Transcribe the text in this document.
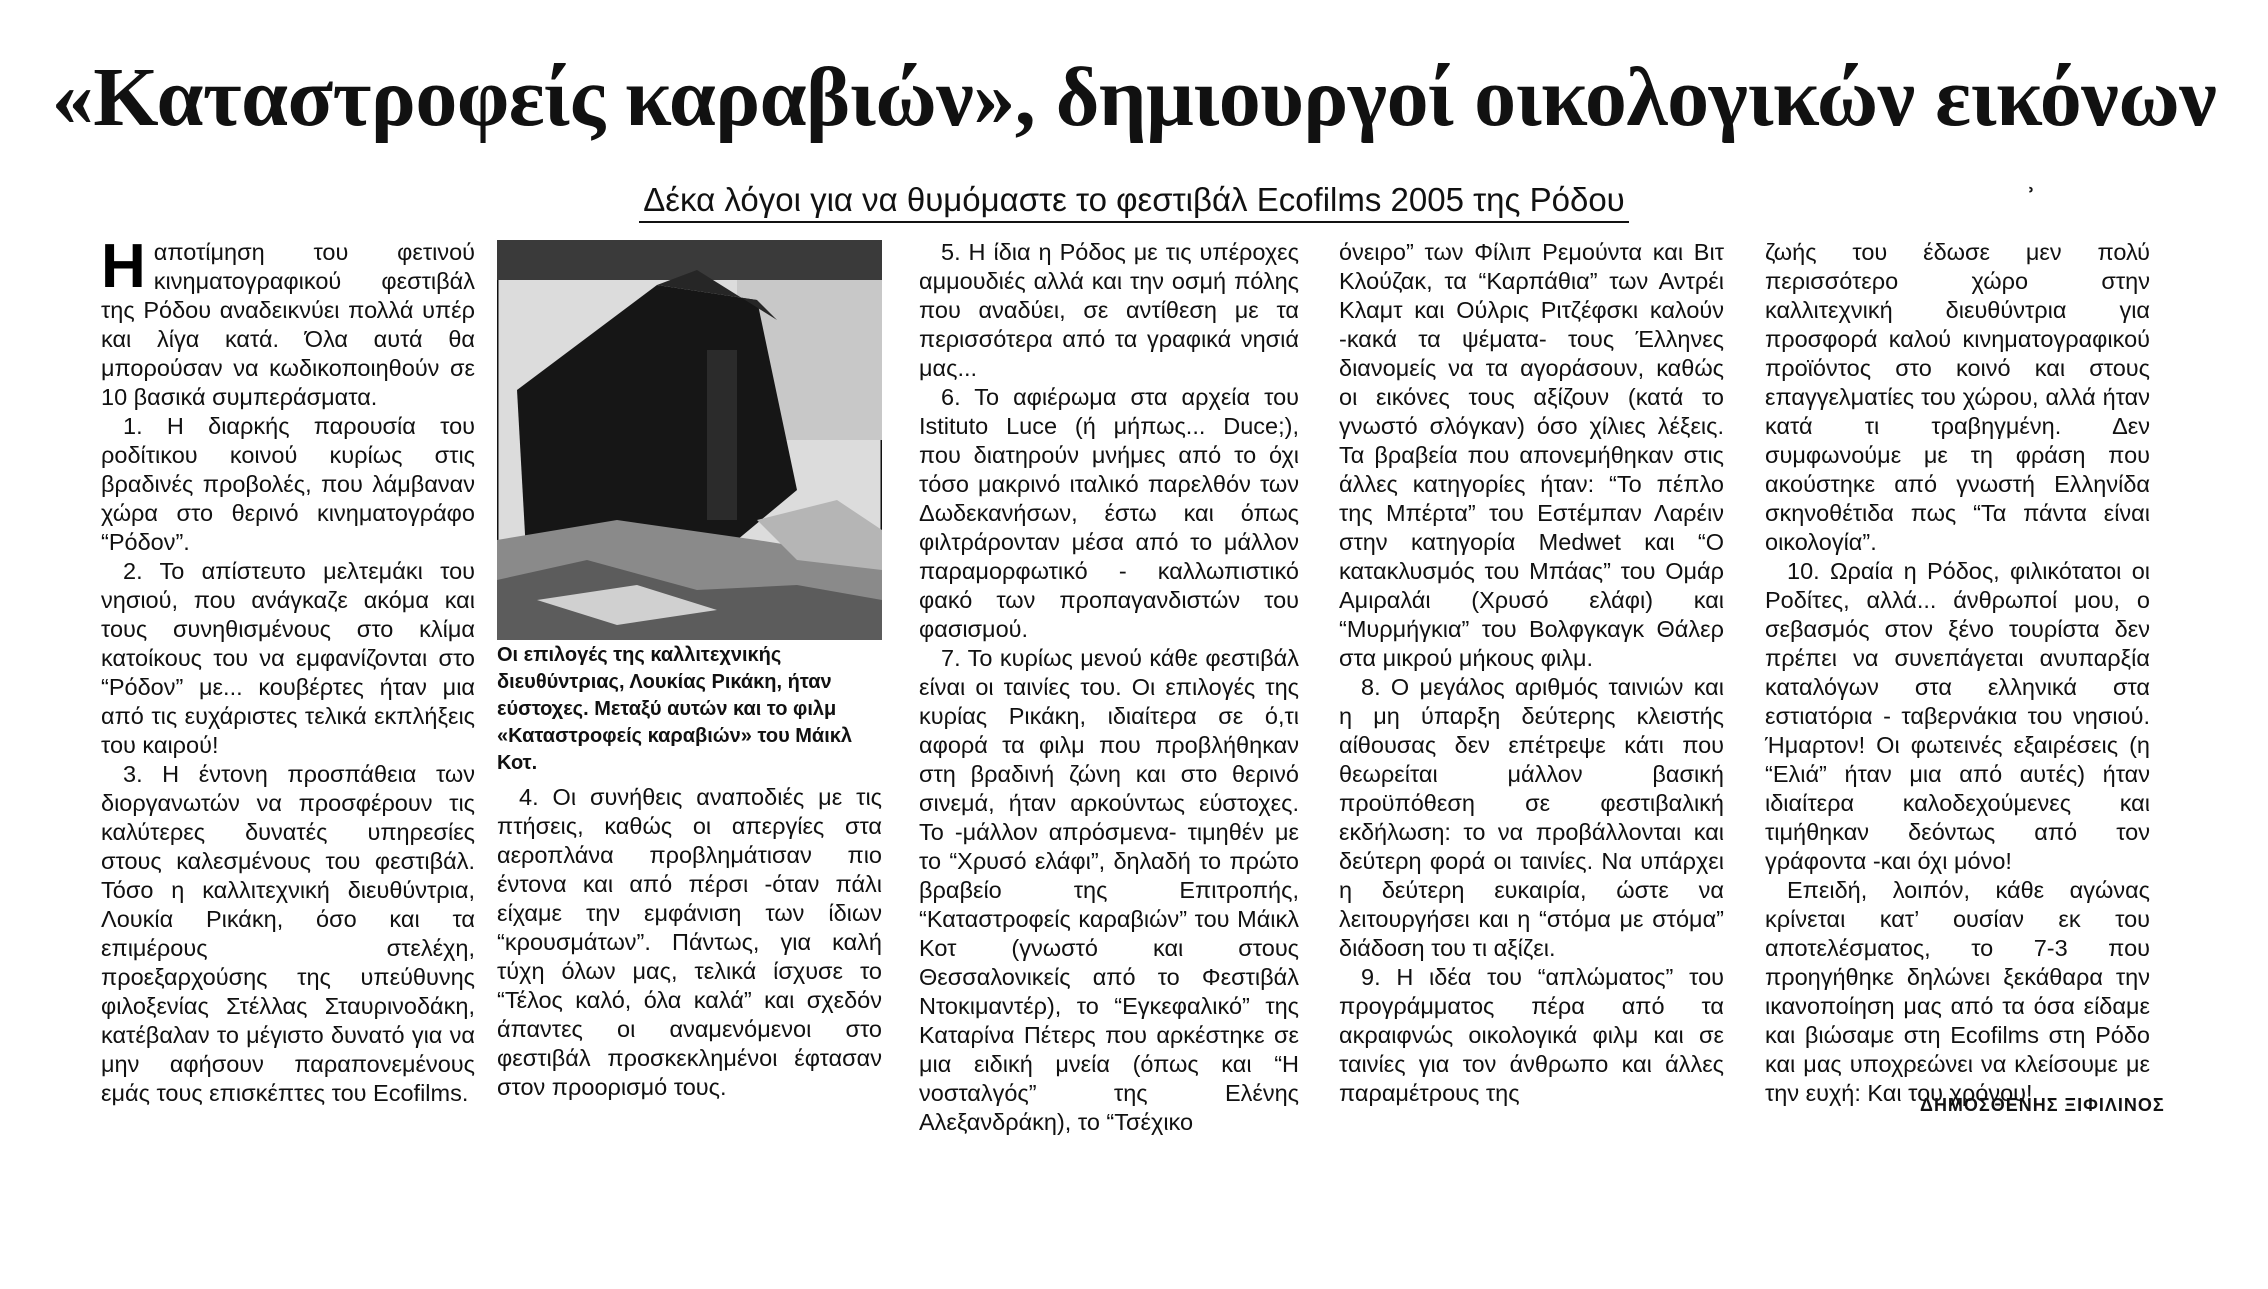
«Καταστροφείς καραβιών», δημιουργοί οικολογικών εικόνων
Δέκα λόγοι για να θυμόμαστε το φεστιβάλ Ecofilms 2005 της Ρόδου	ʾ

Ηαποτίμηση του φετινού κινηματογραφικού φεστιβάλ της Ρόδου αναδεικνύει πολλά υπέρ και λίγα κατά. Όλα αυτά θα μπορούσαν να κωδικοποιηθούν σε 10 βασικά συμπεράσματα.

1. Η διαρκής παρουσία του ροδίτικου κοινού κυρίως στις βραδινές προβολές, που λάμβαναν χώρα στο θερινό κινηματογράφο “Ρόδον”.

2. Το απίστευτο μελτεμάκι του νησιού, που ανάγκαζε ακόμα και τους συνηθισμένους στο κλίμα κατοίκους του να εμφανίζονται στο “Ρόδον” με... κουβέρτες ήταν μια από τις ευχάριστες τελικά εκπλήξεις του καιρού!

3. Η έντονη προσπάθεια των διοργανωτών να προσφέρουν τις καλύτερες δυνατές υπηρεσίες στους καλεσμένους του φεστιβάλ. Τόσο η καλλιτεχνική διευθύντρια, Λουκία Ρικάκη, όσο και τα επιμέρους στελέχη, προεξαρχούσης της υπεύθυνης φιλοξενίας Στέλλας Σταυρινοδάκη, κατέβαλαν το μέγιστο δυνατό για να μην αφήσουν παραπονεμένους εμάς τους επισκέπτες του Ecofilms.

Οι επιλογές της καλλιτεχνικής διευθύντριας, Λουκίας Ρικάκη, ήταν εύστοχες. Μεταξύ αυτών και το φιλμ «Καταστροφείς καραβιών» του Μάικλ Κοτ.

4. Οι συνήθεις αναποδιές με τις πτήσεις, καθώς οι απεργίες στα αεροπλάνα προβλημάτισαν πιο έντονα και από πέρσι -όταν πάλι είχαμε την εμφάνιση των ίδιων “κρουσμάτων”. Πάντως, για καλή τύχη όλων μας, τελικά ίσχυσε το “Τέλος καλό, όλα καλά” και σχεδόν άπαντες οι αναμενόμενοι στο φεστιβάλ προσκεκλημένοι έφτασαν στον προορισμό τους.

5. Η ίδια η Ρόδος με τις υπέροχες αμμουδιές αλλά και την οσμή πόλης που αναδύει, σε αντίθεση με τα περισσότερα από τα γραφικά νησιά μας...

6. Το αφιέρωμα στα αρχεία του Istituto Luce (ή μήπως... Duce;), που διατηρούν μνήμες από το όχι τόσο μακρινό ιταλικό παρελθόν των Δωδεκανήσων, έστω και όπως φιλτράρονταν μέσα από το μάλλον παραμορφωτικό - καλλωπιστικό φακό των προπαγανδιστών του φασισμού.

7. Το κυρίως μενού κάθε φεστιβάλ είναι οι ταινίες του. Οι επιλογές της κυρίας Ρικάκη, ιδιαίτερα σε ό,τι αφορά τα φιλμ που προβλήθηκαν στη βραδινή ζώνη και στο θερινό σινεμά, ήταν αρκούντως εύστοχες. Το -μάλλον απρόσμενα- τιμηθέν με το “Χρυσό ελάφι”, δηλαδή το πρώτο βραβείο της Επιτροπής, “Καταστροφείς καραβιών” του Μάικλ Κοτ (γνωστό και στους Θεσσαλονικείς από το Φεστιβάλ Ντοκιμαντέρ), το “Εγκεφαλικό” της Καταρίνα Πέτερς που αρκέστηκε σε μια ειδική μνεία (όπως και “Η νοσταλγός” της Ελένης Αλεξανδράκη), το “Τσέχικο

όνειρο” των Φίλιπ Ρεμούντα και Βιτ Κλούζακ, τα “Καρπάθια” των Αντρέι Κλαμτ και Ούλρις Ριτζέφσκι καλούν -κακά τα ψέματα- τους Έλληνες διανομείς να τα αγοράσουν, καθώς οι εικόνες τους αξίζουν (κατά το γνωστό σλόγκαν) όσο χίλιες λέξεις. Τα βραβεία που απονεμήθηκαν στις άλλες κατηγορίες ήταν: “Το πέπλο της Μπέρτα” του Εστέμπαν Λαρέιν στην κατηγορία Medwet και “Ο κατακλυσμός του Μπάας” του Ομάρ Αμιραλάι (Χρυσό ελάφι) και “Μυρμήγκια” του Βολφγκαγκ Θάλερ στα μικρού μήκους φιλμ.

8. Ο μεγάλος αριθμός ταινιών και η μη ύπαρξη δεύτερης κλειστής αίθουσας δεν επέτρεψε κάτι που θεωρείται μάλλον βασική προϋπόθεση σε φεστιβαλική εκδήλωση: το να προβάλλονται και δεύτερη φορά οι ταινίες. Να υπάρχει η δεύτερη ευκαιρία, ώστε να λειτουργήσει και η “στόμα με στόμα” διάδοση του τι αξίζει.

9. Η ιδέα του “απλώματος” του προγράμματος πέρα από τα ακραιφνώς οικολογικά φιλμ και σε ταινίες για τον άνθρωπο και άλλες παραμέτρους της

ζωής του έδωσε μεν πολύ περισσότερο χώρο στην καλλιτεχνική διευθύντρια για προσφορά καλού κινηματογραφικού προϊόντος στο κοινό και στους επαγγελματίες του χώρου, αλλά ήταν κατά τι τραβηγμένη. Δεν συμφωνούμε με τη φράση που ακούστηκε από γνωστή Ελληνίδα σκηνοθέτιδα πως “Τα πάντα είναι οικολογία”.

10. Ωραία η Ρόδος, φιλικότατοι οι Ροδίτες, αλλά... άνθρωποί μου, ο σεβασμός στον ξένο τουρίστα δεν πρέπει να συνεπάγεται ανυπαρξία καταλόγων στα ελληνικά στα εστιατόρια - ταβερνάκια του νησιού. Ήμαρτον! Οι φωτεινές εξαιρέσεις (η “Ελιά” ήταν μια από αυτές) ήταν ιδιαίτερα καλοδεχούμενες και τιμήθηκαν δεόντως από τον γράφοντα -και όχι μόνο!

Επειδή, λοιπόν, κάθε αγώνας κρίνεται κατ’ ουσίαν εκ του αποτελέσματος, το 7-3 που προηγήθηκε δηλώνει ξεκάθαρα την ικανοποίηση μας από τα όσα είδαμε και βιώσαμε στη Ecofilms στη Ρόδο και μας υποχρεώνει να κλείσουμε με την ευχή: Και του χρόνου!

ΔΗΜΟΣΘΕΝΗΣ ΞΙΦΙΛΙΝΟΣ
